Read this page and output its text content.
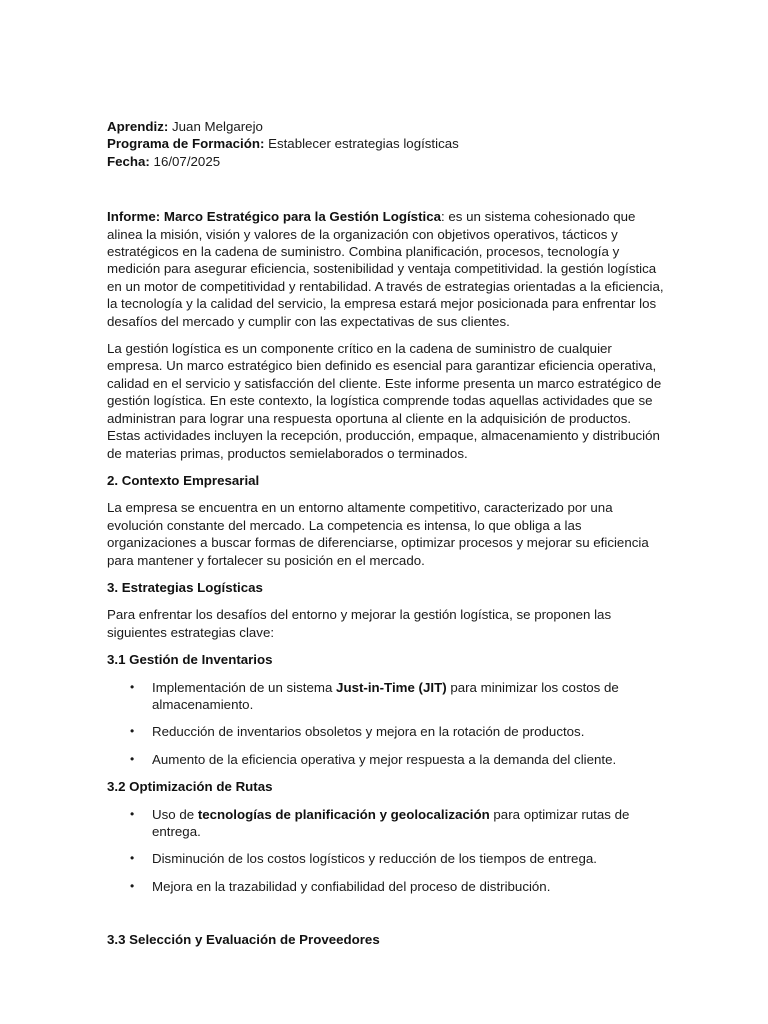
Aprendiz: Juan Melgarejo

Programa de Formación: Establecer estrategias logísticas

Fecha: 16/07/2025

Informe: Marco Estratégico para la Gestión Logística: es un sistema cohesionado que alinea la misión, visión y valores de la organización con objetivos operativos, tácticos y estratégicos en la cadena de suministro. Combina planificación, procesos, tecnología y medición para asegurar eficiencia, sostenibilidad y ventaja competitividad. la gestión logística en un motor de competitividad y rentabilidad. A través de estrategias orientadas a la eficiencia, la tecnología y la calidad del servicio, la empresa estará mejor posicionada para enfrentar los desafíos del mercado y cumplir con las expectativas de sus clientes.

La gestión logística es un componente crítico en la cadena de suministro de cualquier empresa. Un marco estratégico bien definido es esencial para garantizar eficiencia operativa, calidad en el servicio y satisfacción del cliente. Este informe presenta un marco estratégico de gestión logística. En este contexto, la logística comprende todas aquellas actividades que se administran para lograr una respuesta oportuna al cliente en la adquisición de productos. Estas actividades incluyen la recepción, producción, empaque, almacenamiento y distribución de materias primas, productos semielaborados o terminados.

2. Contexto Empresarial

La empresa se encuentra en un entorno altamente competitivo, caracterizado por una evolución constante del mercado. La competencia es intensa, lo que obliga a las organizaciones a buscar formas de diferenciarse, optimizar procesos y mejorar su eficiencia para mantener y fortalecer su posición en el mercado.

3. Estrategias Logísticas

Para enfrentar los desafíos del entorno y mejorar la gestión logística, se proponen las siguientes estrategias clave:

3.1 Gestión de Inventarios
• Implementación de un sistema Just-in-Time (JIT) para minimizar los costos de almacenamiento.
• Reducción de inventarios obsoletos y mejora en la rotación de productos.
• Aumento de la eficiencia operativa y mejor respuesta a la demanda del cliente.
3.2 Optimización de Rutas
• Uso de tecnologías de planificación y geolocalización para optimizar rutas de entrega.
• Disminución de los costos logísticos y reducción de los tiempos de entrega.
• Mejora en la trazabilidad y confiabilidad del proceso de distribución.
3.3 Selección y Evaluación de Proveedores
